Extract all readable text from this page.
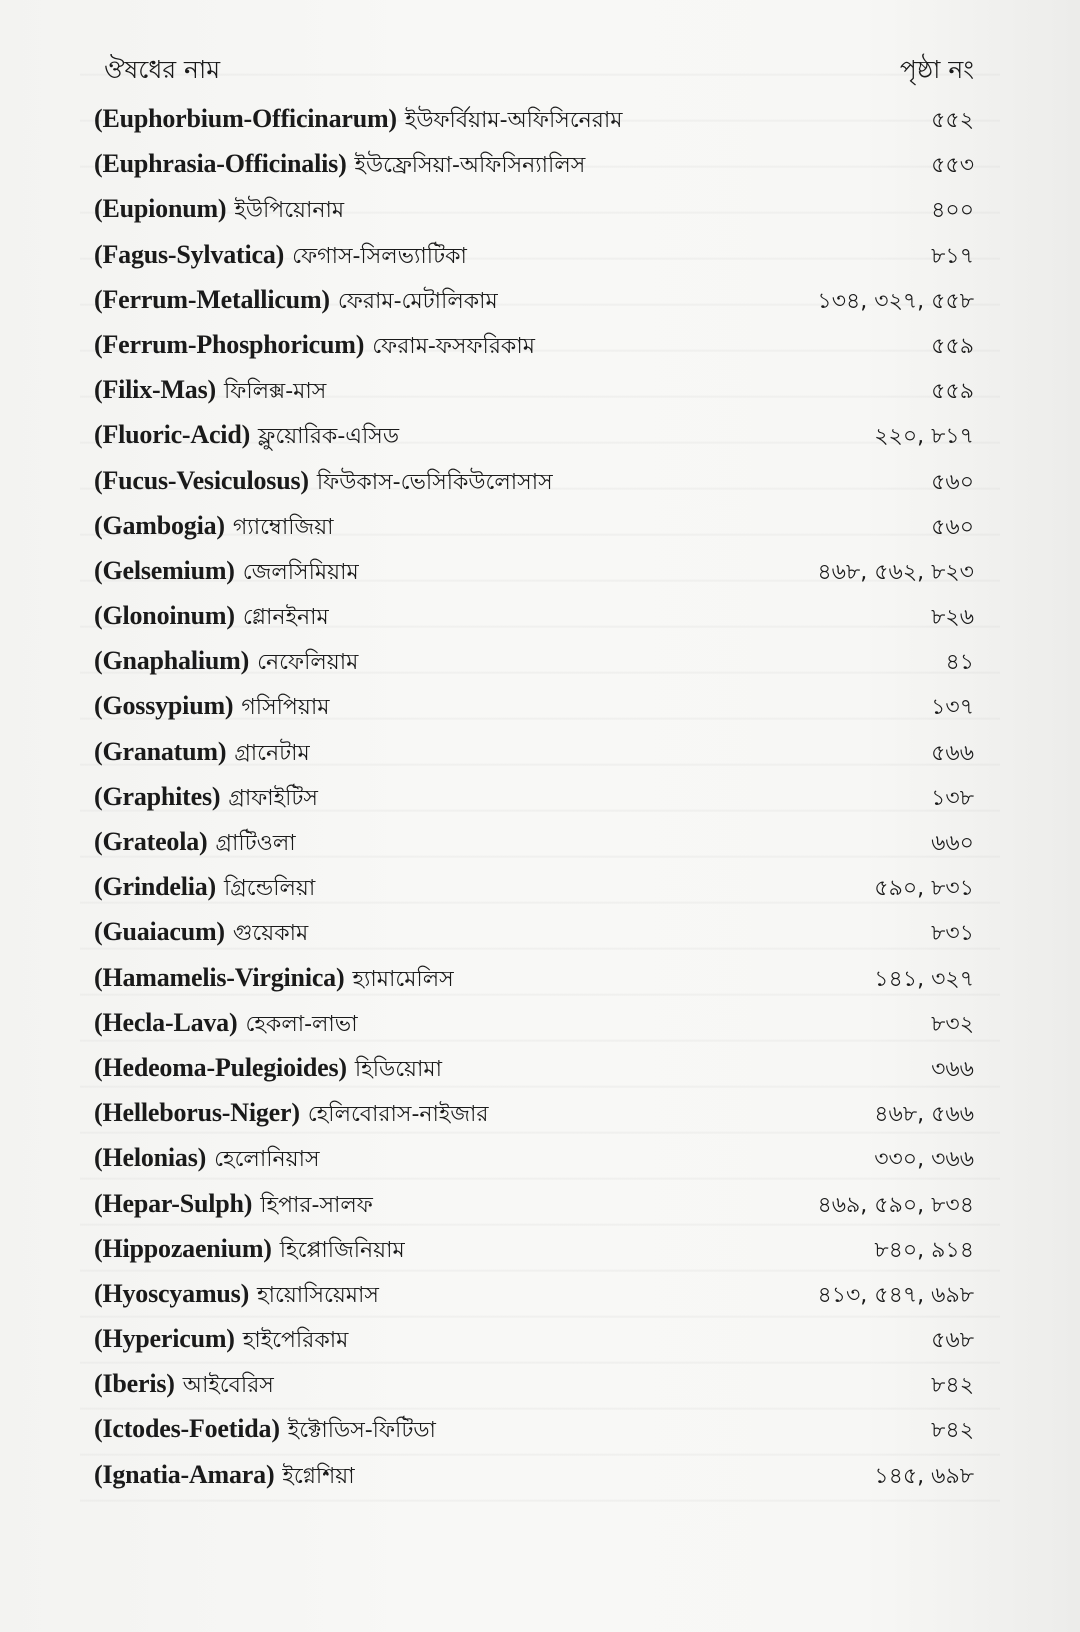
ঔষধের নাম	পৃষ্ঠা নং
(Euphorbium-Officinarum) ইউফর্বিয়াম-অফিসিনেরাম	৫৫২
(Euphrasia-Officinalis) ইউফ্রেসিয়া-অফিসিন্যালিস	৫৫৩
(Eupionum) ইউপিয়োনাম	৪০০
(Fagus-Sylvatica) ফেগাস-সিলভ্যাটিকা	৮১৭
(Ferrum-Metallicum) ফেরাম-মেটালিকাম	১৩৪, ৩২৭, ৫৫৮
(Ferrum-Phosphoricum) ফেরাম-ফসফরিকাম	৫৫৯
(Filix-Mas) ফিলিক্স-মাস	৫৫৯
(Fluoric-Acid) ফ্লুয়োরিক-এসিড	২২০, ৮১৭
(Fucus-Vesiculosus) ফিউকাস-ভেসিকিউলোসাস	৫৬০
(Gambogia) গ্যাম্বোজিয়া	৫৬০
(Gelsemium) জেলসিমিয়াম	৪৬৮, ৫৬২, ৮২৩
(Glonoinum) গ্লোনইনাম	৮২৬
(Gnaphalium) নেফেলিয়াম	৪১
(Gossypium) গসিপিয়াম	১৩৭
(Granatum) গ্রানেটাম	৫৬৬
(Graphites) গ্রাফাইটিস	১৩৮
(Grateola) গ্রাটিওলা	৬৬০
(Grindelia) গ্রিন্ডেলিয়া	৫৯০, ৮৩১
(Guaiacum) গুয়েকাম	৮৩১
(Hamamelis-Virginica) হ্যামামেলিস	১৪১, ৩২৭
(Hecla-Lava) হেকলা-লাভা	৮৩২
(Hedeoma-Pulegioides) হিডিয়োমা	৩৬৬
(Helleborus-Niger) হেলিবোরাস-নাইজার	৪৬৮, ৫৬৬
(Helonias) হেলোনিয়াস	৩৩০, ৩৬৬
(Hepar-Sulph) হিপার-সালফ	৪৬৯, ৫৯০, ৮৩৪
(Hippozaenium) হিপ্পোজিনিয়াম	৮৪০, ৯১৪
(Hyoscyamus) হায়োসিয়েমাস	৪১৩, ৫৪৭, ৬৯৮
(Hypericum) হাইপেরিকাম	৫৬৮
(Iberis) আইবেরিস	৮৪২
(Ictodes-Foetida) ইক্টোডিস-ফিটিডা	৮৪২
(Ignatia-Amara) ইগ্নেশিয়া	১৪৫, ৬৯৮
